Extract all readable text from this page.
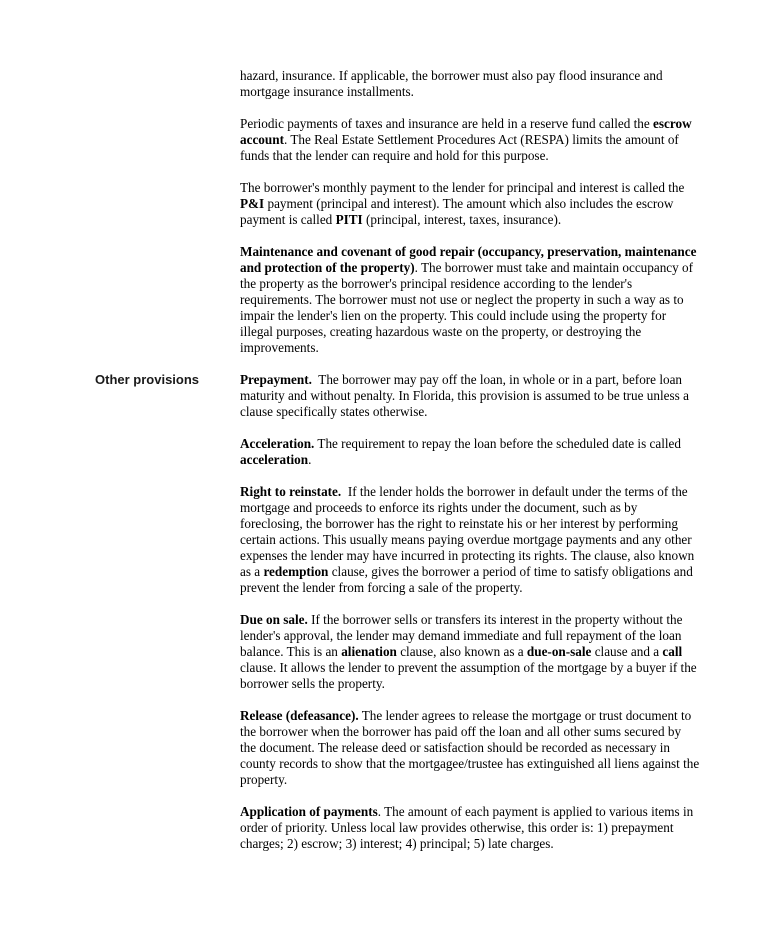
Other provisions

hazard, insurance. If applicable, the borrower must also pay flood insurance and mortgage insurance installments.

Periodic payments of taxes and insurance are held in a reserve fund called the escrow account. The Real Estate Settlement Procedures Act (RESPA) limits the amount of funds that the lender can require and hold for this purpose.

The borrower's monthly payment to the lender for principal and interest is called the P&I payment (principal and interest). The amount which also includes the escrow payment is called PITI (principal, interest, taxes, insurance).

Maintenance and covenant of good repair (occupancy, preservation, maintenance and protection of the property). The borrower must take and maintain occupancy of the property as the borrower's principal residence according to the lender's requirements. The borrower must not use or neglect the property in such a way as to impair the lender's lien on the property. This could include using the property for illegal purposes, creating hazardous waste on the property, or destroying the improvements.

Prepayment.  The borrower may pay off the loan, in whole or in a part, before loan maturity and without penalty. In Florida, this provision is assumed to be true unless a clause specifically states otherwise.

Acceleration. The requirement to repay the loan before the scheduled date is called acceleration.

Right to reinstate.  If the lender holds the borrower in default under the terms of the mortgage and proceeds to enforce its rights under the document, such as by foreclosing, the borrower has the right to reinstate his or her interest by performing certain actions. This usually means paying overdue mortgage payments and any other expenses the lender may have incurred in protecting its rights. The clause, also known as a redemption clause, gives the borrower a period of time to satisfy obligations and prevent the lender from forcing a sale of the property.

Due on sale. If the borrower sells or transfers its interest in the property without the lender's approval, the lender may demand immediate and full repayment of the loan balance. This is an alienation clause, also known as a due-on-sale clause and a call clause. It allows the lender to prevent the assumption of the mortgage by a buyer if the borrower sells the property.

Release (defeasance). The lender agrees to release the mortgage or trust document to the borrower when the borrower has paid off the loan and all other sums secured by the document. The release deed or satisfaction should be recorded as necessary in county records to show that the mortgagee/trustee has extinguished all liens against the property.

Application of payments. The amount of each payment is applied to various items in order of priority. Unless local law provides otherwise, this order is: 1) prepayment charges; 2) escrow; 3) interest; 4) principal; 5) late charges.
